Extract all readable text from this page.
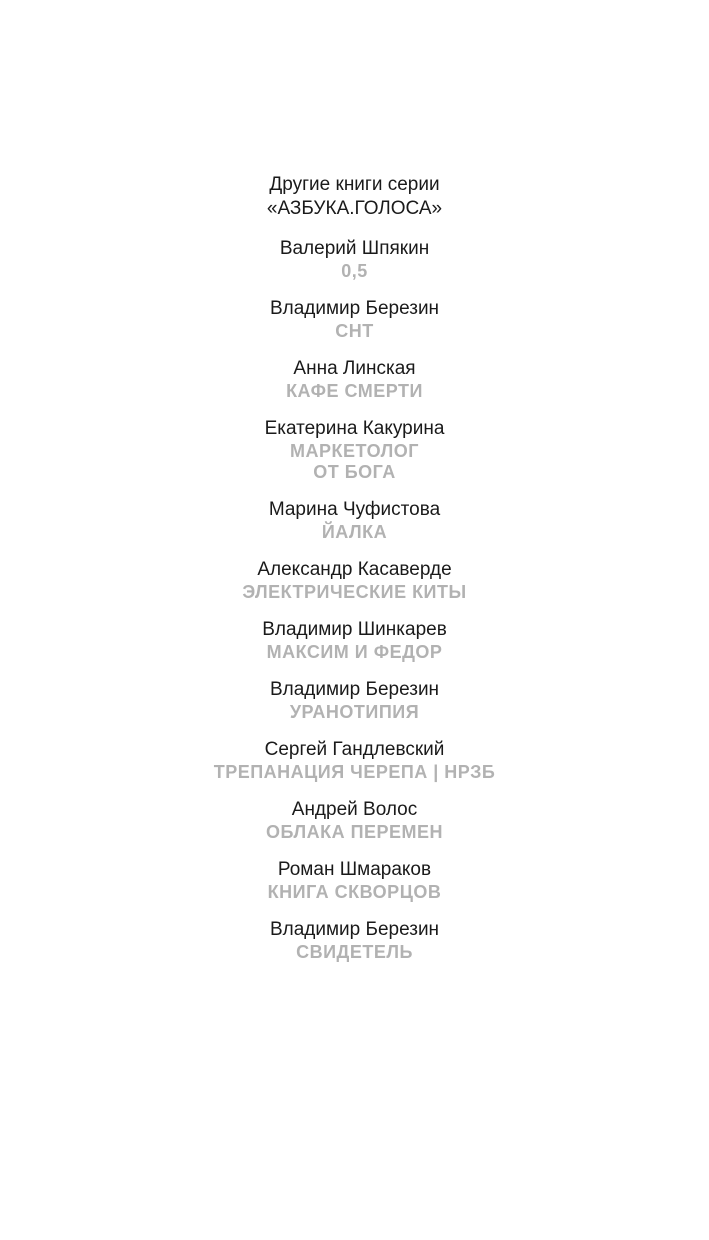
Другие книги серии
«АЗБУКА.ГОЛОСА»
Валерий Шпякин
0,5
Владимир Березин
СНТ
Анна Линская
КАФЕ СМЕРТИ
Екатерина Какурина
МАРКЕТОЛОГ
ОТ БОГА
Марина Чуфистова
ЙАЛКА
Александр Касаверде
ЭЛЕКТРИЧЕСКИЕ КИТЫ
Владимир Шинкарев
МАКСИМ И ФЕДОР
Владимир Березин
УРАНОТИПИЯ
Сергей Гандлевский
ТРЕПАНАЦИЯ ЧЕРЕПА | НРЗБ
Андрей Волос
ОБЛАКА ПЕРЕМЕН
Роман Шмараков
КНИГА СКВОРЦОВ
Владимир Березин
СВИДЕТЕЛЬ
